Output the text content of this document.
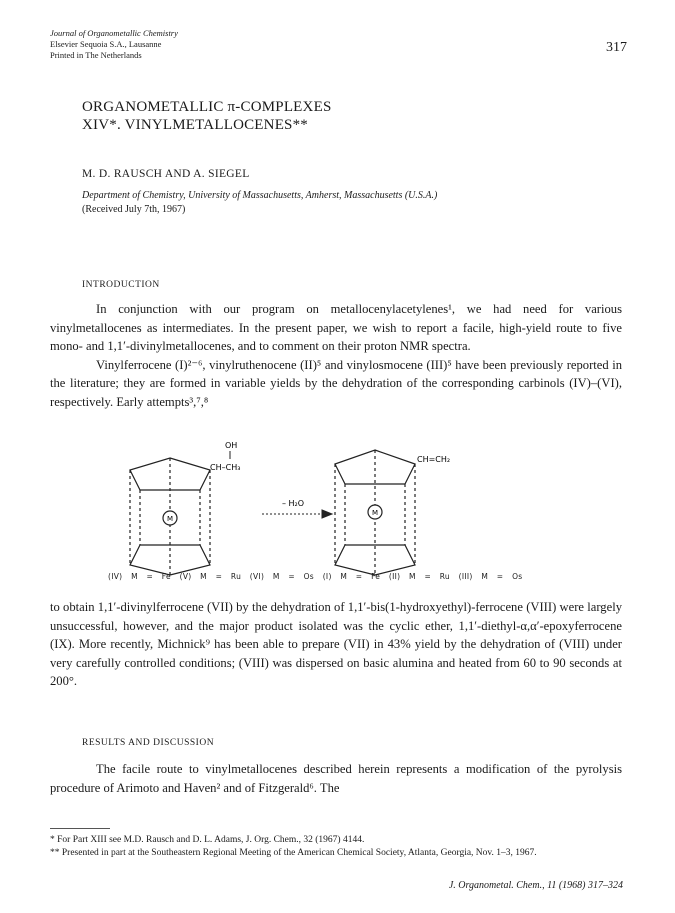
Journal of Organometallic Chemistry
Elsevier Sequoia S.A., Lausanne
Printed in The Netherlands	317
ORGANOMETALLIC π-COMPLEXES
XIV*. VINYLMETALLOCENES**
M. D. RAUSCH AND A. SIEGEL
Department of Chemistry, University of Massachusetts, Amherst, Massachusetts (U.S.A.)
(Received July 7th, 1967)
INTRODUCTION

In conjunction with our program on metallocenylacetylenes¹, we had need for various vinylmetallocenes as intermediates. In the present paper, we wish to report a facile, high-yield route to five mono- and 1,1′-divinylmetallocenes, and to comment on their proton NMR spectra.

Vinylferrocene (I)²⁻⁶, vinylruthenocene (II)⁵ and vinylosmocene (III)⁵ have been previously reported in the literature; they are formed in variable yields by the dehydration of the corresponding carbinols (IV)–(VI), respectively. Early attempts³,⁷,⁸

M
OH
CH–CH₃
– H₂O
M
CH=CH₂
(IV) M = Fe (V) M = Ru (VI) M = Os (I) M = Fe (II) M = Ru (III) M = Os

to obtain 1,1′-divinylferrocene (VII) by the dehydration of 1,1′-bis(1-hydroxyethyl)-ferrocene (VIII) were largely unsuccessful, however, and the major product isolated was the cyclic ether, 1,1′-diethyl-α,α′-epoxyferrocene (IX). More recently, Michnick⁹ has been able to prepare (VII) in 43% yield by the dehydration of (VIII) under very carefully controlled conditions; (VIII) was dispersed on basic alumina and heated from 60 to 90 seconds at 200°.

RESULTS AND DISCUSSION

The facile route to vinylmetallocenes described herein represents a modification of the pyrolysis procedure of Arimoto and Haven² and of Fitzgerald⁶. The

* For Part XIII see M.D. Rausch and D. L. Adams, J. Org. Chem., 32 (1967) 4144.
** Presented in part at the Southeastern Regional Meeting of the American Chemical Society, Atlanta, Georgia, Nov. 1–3, 1967.
J. Organometal. Chem., 11 (1968) 317–324
